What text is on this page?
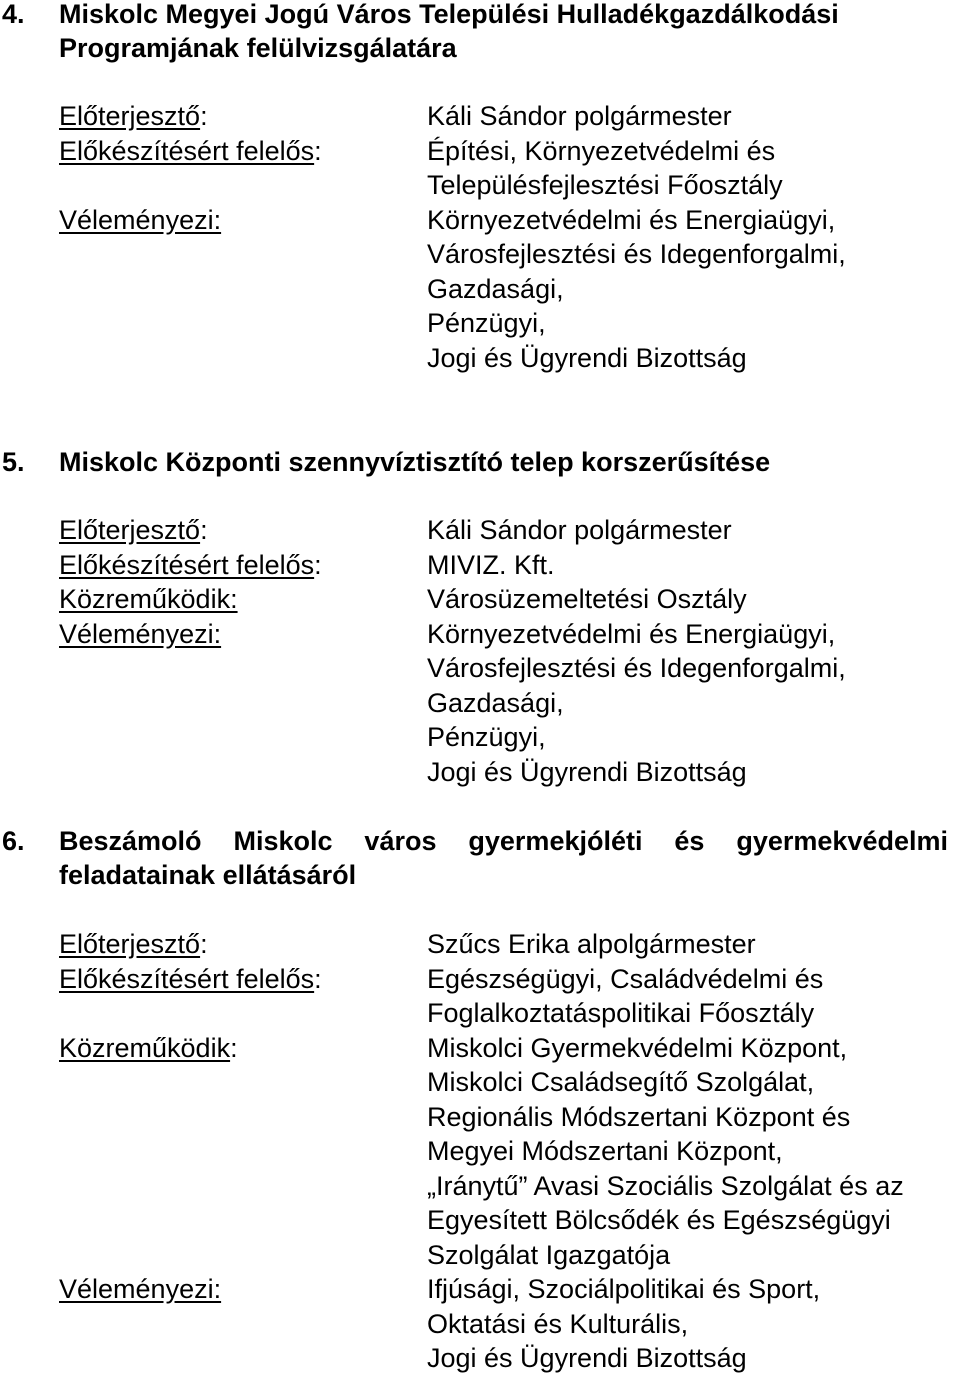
4. Miskolc Megyei Jogú Város Települési Hulladékgazdálkodási
Programjának felülvizsgálatára
Előterjesztő:	Káli Sándor polgármester
Előkészítésért felelős:	Építési, Környezetvédelmi és
Településfejlesztési Főosztály
Véleményezi:	Környezetvédelmi és Energiaügyi,
Városfejlesztési és Idegenforgalmi,
Gazdasági,
Pénzügyi,
Jogi és Ügyrendi Bizottság
5. Miskolc Központi szennyvíztisztító telep korszerűsítése
Előterjesztő:	Káli Sándor polgármester
Előkészítésért felelős:	MIVIZ. Kft.
Közreműködik:	Városüzemeltetési Osztály
Véleményezi:	Környezetvédelmi és Energiaügyi,
Városfejlesztési és Idegenforgalmi,
Gazdasági,
Pénzügyi,
Jogi és Ügyrendi Bizottság
6. Beszámoló Miskolc város gyermekjóléti és gyermekvédelmi
feladatainak ellátásáról
Előterjesztő:	Szűcs Erika alpolgármester
Előkészítésért felelős:	Egészségügyi, Családvédelmi és
Foglalkoztatáspolitikai Főosztály
Közreműködik:	Miskolci Gyermekvédelmi Központ,
Miskolci Családsegítő Szolgálat,
Regionális Módszertani Központ és
Megyei Módszertani Központ,
„Iránytű” Avasi Szociális Szolgálat és az
Egyesített Bölcsődék és Egészségügyi
Szolgálat Igazgatója
Véleményezi:	Ifjúsági, Szociálpolitikai és Sport,
Oktatási és Kulturális,
Jogi és Ügyrendi Bizottság
